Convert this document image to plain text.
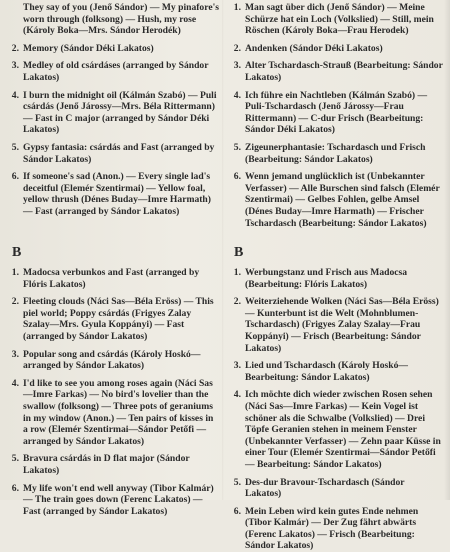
They say of you (Jenő Sándor) — My pinafore's worn through (folksong) — Hush, my rose (Károly Boka—Mrs. Sándor Herodék)
2. Memory (Sándor Déki Lakatos)
3. Medley of old csárdáses (arranged by Sándor Lakatos)
4. I burn the midnight oil (Kálmán Szabó) — Puli csárdás (Jenő Járossy—Mrs. Béla Rittermann) — Fast in C major (arranged by Sándor Déki Lakatos)
5. Gypsy fantasia: csárdás and Fast (arranged by Sándor Lakatos)
6. If someone's sad (Anon.) — Every single lad's deceitful (Elemér Szentirmai) — Yellow foal, yellow thrush (Dénes Buday—Imre Harmath) — Fast (arranged by Sándor Lakatos)
B
1. Madocsa verbunkos and Fast (arranged by Flóris Lakatos)
2. Fleeting clouds (Náci Sas—Béla Eröss) — This piel world; Poppy csárdás (Frigyes Zalay Szalay—Mrs. Gyula Koppányi) — Fast (arranged by Sándor Lakatos)
3. Popular song and csárdás (Károly Hoskó—arranged by Sándor Lakatos)
4. I'd like to see you among roses again (Náci Sas—Imre Farkas) — No bird's lovelier than the swallow (folksong) — Three pots of geraniums in my window (Anon.) — Ten pairs of kisses in a row (Elemér Szentirmai—Sándor Petőfi — arranged by Sándor Lakatos)
5. Bravura csárdás in D flat major (Sándor Lakatos)
6. My life won't end well anyway (Tibor Kalmár) — The train goes down (Ferenc Lakatos) — Fast (arranged by Sándor Lakatos)
1. Man sagt über dich (Jenő Sándor) — Meine Schürze hat ein Loch (Volkslied) — Still, mein Röschen (Károly Boka—Frau Herodek)
2. Andenken (Sándor Déki Lakatos)
3. Alter Tschardasch-Strauß (Bearbeitung: Sándor Lakatos)
4. Ich führe ein Nachtleben (Kálmán Szabó) — Puli-Tschardasch (Jenő Járossy—Frau Rittermann) — C-dur Frisch (Bearbeitung: Sándor Déki Lakatos)
5. Zigeunerphantasie: Tschardasch und Frisch (Bearbeitung: Sándor Lakatos)
6. Wenn jemand unglücklich ist (Unbekannter Verfasser) — Alle Burschen sind falsch (Elemér Szentirmai) — Gelbes Fohlen, gelbe Amsel (Dénes Buday—Imre Harmath) — Frischer Tschardasch (Bearbeitung: Sándor Lakatos)
B
1. Werbungstanz und Frisch aus Madocsa (Bearbeitung: Flóris Lakatos)
2. Weiterziehende Wolken (Náci Sas—Béla Eröss) — Kunterbunt ist die Welt (Mohnblumen-Tschardasch) (Frigyes Zalay Szalay—Frau Koppányi) — Frisch (Bearbeitung: Sándor Lakatos)
3. Lied und Tschardasch (Károly Hoskó—Bearbeitung: Sándor Lakatos)
4. Ich möchte dich wieder zwischen Rosen sehen (Náci Sas—Imre Farkas) — Kein Vogel ist schöner als die Schwalbe (Volkslied) — Drei Töpfe Geranien stehen in meinem Fenster (Unbekannter Verfasser) — Zehn paar Küsse in einer Tour (Elemér Szentirmai—Sándor Petőfi — Bearbeitung: Sándor Lakatos)
5. Des-dur Bravour-Tschardasch (Sándor Lakatos)
6. Mein Leben wird kein gutes Ende nehmen (Tibor Kalmár) — Der Zug fährt abwärts (Ferenc Lakatos) — Frisch (Bearbeitung: Sándor Lakatos)
